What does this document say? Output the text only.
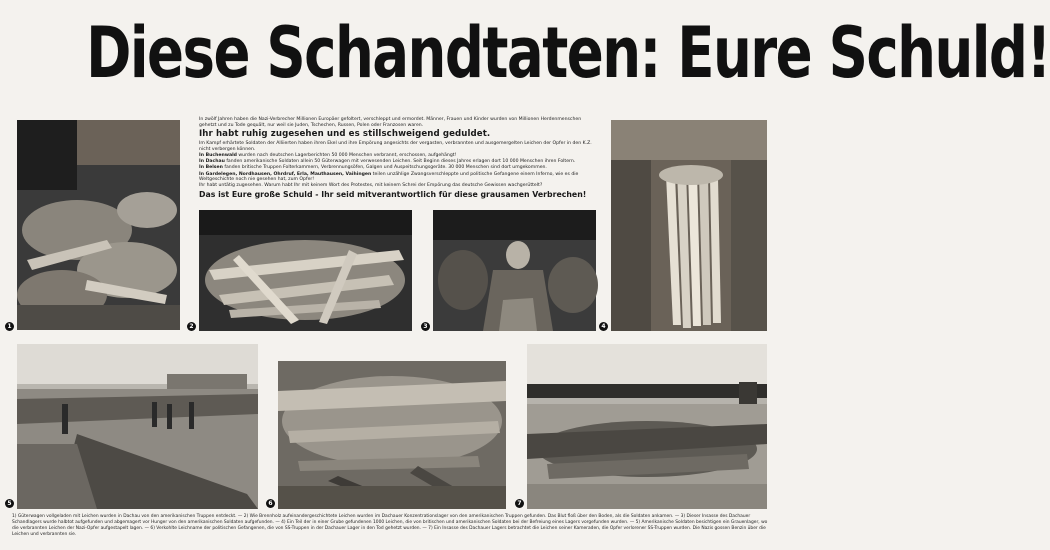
Diese Schandtaten: Eure Schuld!
1

In zwölf Jahren haben die Nazi-Verbrecher Millionen Europäer gefoltert, verschleppt und ermordet. Männer, Frauen und Kinder wurden von Millionen Herdenmenschen gehetzt und zu Tode gequält, nur weil sie Juden, Tschechen, Russen, Polen oder Franzosen waren.

Ihr habt ruhig zugesehen und es stillschweigend geduldet.

Im Kampf erhärtete Soldaten der Alliierten haben ihren Ekel und ihre Empörung angesichts der vergasten, verbrannten und ausgemergelten Leichen der Opfer in den K.Z. nicht verbergen können.

In Buchenwald wurden nach deutschen Lagerberichten 50 000 Menschen verbrannt, erschossen, aufgehängt!

In Dachau fanden amerikanische Soldaten allein 50 Güterwagen mit verwesenden Leichen. Seit Beginn dieses Jahres erlagen dort 10 000 Menschen ihren Foltern.

In Belsen fanden britische Truppen Folterkammern, Verbrennungsöfen, Galgen und Auspeitschungsgeräte. 30 000 Menschen sind dort umgekommen.

In Gardelegen, Nordhausen, Ohrdruf, Erla, Mauthausen, Vaihingen teilen unzählige Zwangsverschleppte und politische Gefangene einem Inferno, wie es die Weltgeschichte noch nie gesehen hat, zum Opfer!

Ihr habt untätig zugesehen. Warum habt Ihr mit keinem Wort des Protestes, mit keinem Schrei der Empörung das deutsche Gewissen wachgerüttelt?

Das ist Eure große Schuld - Ihr seid mitverantwortlich für diese grausamen Verbrechen!

2	3	4
5	6	7
1) Güterwagen vollgeladen mit Leichen wurden in Dachau von den amerikanischen Truppen entdeckt. — 2) Wie Brennholz aufeinandergeschichtete Leichen wurden im Dachauer Konzentrationslager von den amerikanischen Truppen gefunden. Das Blut floß über den Boden, als die Soldaten ankamen. — 3) Dieser Insasse des Dachauer Schandlagers wurde halbtot aufgefunden und abgemagert vor Hunger von den amerikanischen Soldaten aufgefunden. — 4) Ein Teil der in einer Grube gefundenen 1000 Leichen, die von britischen und amerikanischen Soldaten bei der Befreiung eines Lagers vorgefunden wurden. — 5) Amerikanische Soldaten besichtigen ein Grauenlager, wo die verbrannten Leichen der Nazi-Opfer aufgestapelt lagen. — 6) Verkohlte Leichname der politischen Gefangenen, die von SS-Truppen in der Dachauer Lager in den Tod gehetzt wurden. — 7) Ein Insasse des Dachauer Lagers betrachtet die Leichen seiner Kameraden, die Opfer verlorener SS-Truppen wurden. Die Nazis gossen Benzin über die Leichen und verbrannten sie.
